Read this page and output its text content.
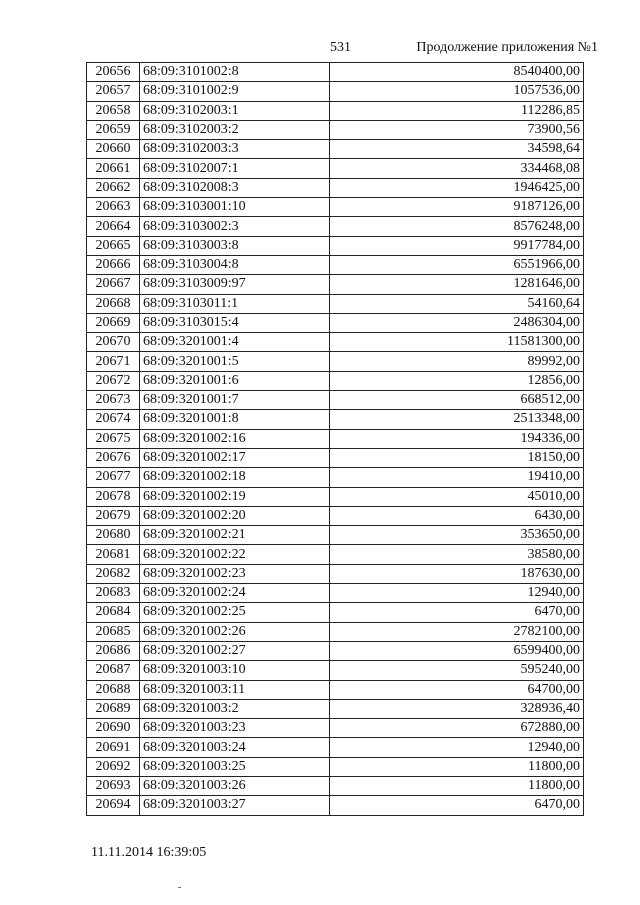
531	Продолжение приложения №1
20656	68:09:3101002:8	8540400,00
20657	68:09:3101002:9	1057536,00
20658	68:09:3102003:1	112286,85
20659	68:09:3102003:2	73900,56
20660	68:09:3102003:3	34598,64
20661	68:09:3102007:1	334468,08
20662	68:09:3102008:3	1946425,00
20663	68:09:3103001:10	9187126,00
20664	68:09:3103002:3	8576248,00
20665	68:09:3103003:8	9917784,00
20666	68:09:3103004:8	6551966,00
20667	68:09:3103009:97	1281646,00
20668	68:09:3103011:1	54160,64
20669	68:09:3103015:4	2486304,00
20670	68:09:3201001:4	11581300,00
20671	68:09:3201001:5	89992,00
20672	68:09:3201001:6	12856,00
20673	68:09:3201001:7	668512,00
20674	68:09:3201001:8	2513348,00
20675	68:09:3201002:16	194336,00
20676	68:09:3201002:17	18150,00
20677	68:09:3201002:18	19410,00
20678	68:09:3201002:19	45010,00
20679	68:09:3201002:20	6430,00
20680	68:09:3201002:21	353650,00
20681	68:09:3201002:22	38580,00
20682	68:09:3201002:23	187630,00
20683	68:09:3201002:24	12940,00
20684	68:09:3201002:25	6470,00
20685	68:09:3201002:26	2782100,00
20686	68:09:3201002:27	6599400,00
20687	68:09:3201003:10	595240,00
20688	68:09:3201003:11	64700,00
20689	68:09:3201003:2	328936,40
20690	68:09:3201003:23	672880,00
20691	68:09:3201003:24	12940,00
20692	68:09:3201003:25	11800,00
20693	68:09:3201003:26	11800,00
20694	68:09:3201003:27	6470,00
11.11.2014 16:39:05
